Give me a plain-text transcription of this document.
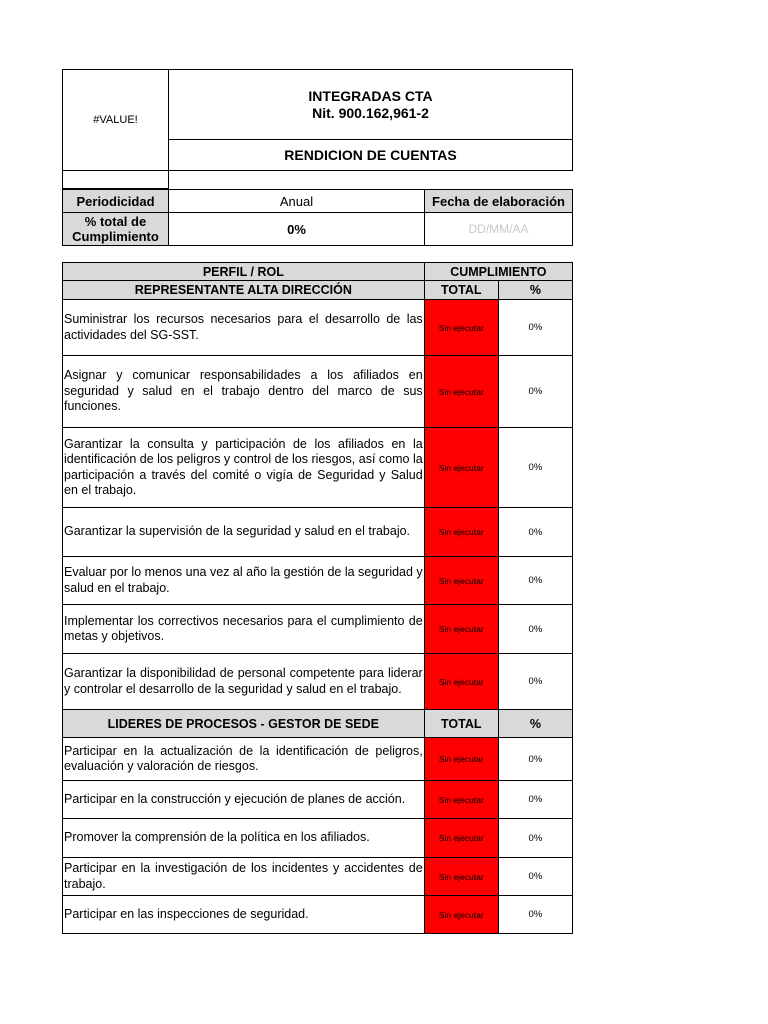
#VALUE!	INTEGRADAS CTA
Nit. 900.162,961-2

	RENDICION DE CUENTAS

Periodicidad	Anual	Fecha de elaboración
% total de Cumplimiento	0%	DD/MM/AA
PERFIL / ROL	CUMPLIMIENTO	
REPRESENTANTE ALTA DIRECCIÓN	TOTAL	%
Suministrar los recursos necesarios para el desarrollo de las actividades del SG-SST.	Sin ejecutar	0%
Asignar y comunicar responsabilidades a los afiliados en seguridad y salud en el trabajo dentro del marco de sus funciones.	Sin ejecutar	0%
Garantizar la consulta y participación de los afiliados en la identificación de los peligros y control de los riesgos, así como la participación a través del comité o vigía de Seguridad y Salud en el trabajo.	Sin ejecutar	0%
Garantizar la supervisión de la seguridad y salud en el trabajo.	Sin ejecutar	0%
Evaluar por lo menos una vez al año la gestión de la seguridad y salud en el trabajo.	Sin ejecutar	0%
Implementar los correctivos necesarios para el cumplimiento de metas y objetivos.	Sin ejecutar	0%
Garantizar la disponibilidad de personal competente para liderar y controlar el desarrollo de la seguridad y salud en el trabajo.	Sin ejecutar	0%
LIDERES DE PROCESOS - GESTOR DE SEDE	TOTAL	%
Participar en la actualización de la identificación de peligros, evaluación y valoración de riesgos.	Sin ejecutar	0%
Participar en la construcción y ejecución de planes de acción.	Sin ejecutar	0%
Promover la comprensión de la política en los afiliados.	Sin ejecutar	0%
Participar en la investigación de los incidentes y accidentes de trabajo.	Sin ejecutar	0%
Participar en las inspecciones de seguridad.	Sin ejecutar	0%
